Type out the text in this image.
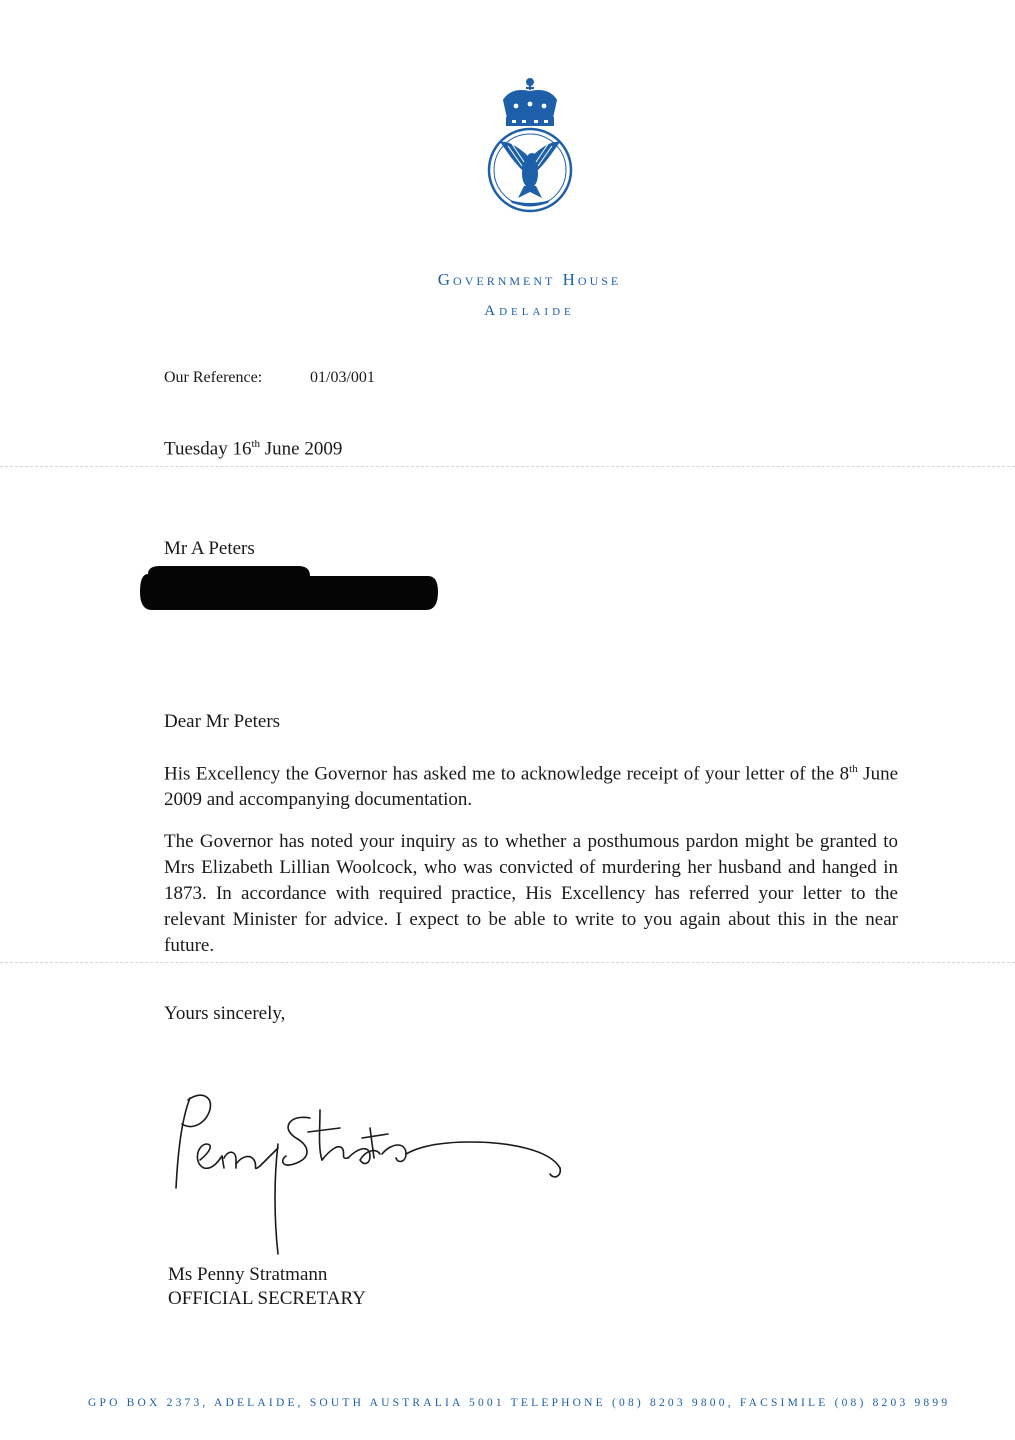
Government House
Adelaide
Our Reference:	01/03/001
Tuesday 16th June 2009
Mr A Peters
Dear Mr Peters
His Excellency the Governor has asked me to acknowledge receipt of your letter of the 8th June 2009 and accompanying documentation.
The Governor has noted your inquiry as to whether a posthumous pardon might be granted to Mrs Elizabeth Lillian Woolcock, who was convicted of murdering her husband and hanged in 1873. In accordance with required practice, His Excellency has referred your letter to the relevant Minister for advice. I expect to be able to write to you again about this in the near future.
Yours sincerely,
Ms Penny Stratmann
OFFICIAL SECRETARY
GPO BOX 2373, ADELAIDE, SOUTH AUSTRALIA 5001 TELEPHONE (08) 8203 9800, FACSIMILE (08) 8203 9899
